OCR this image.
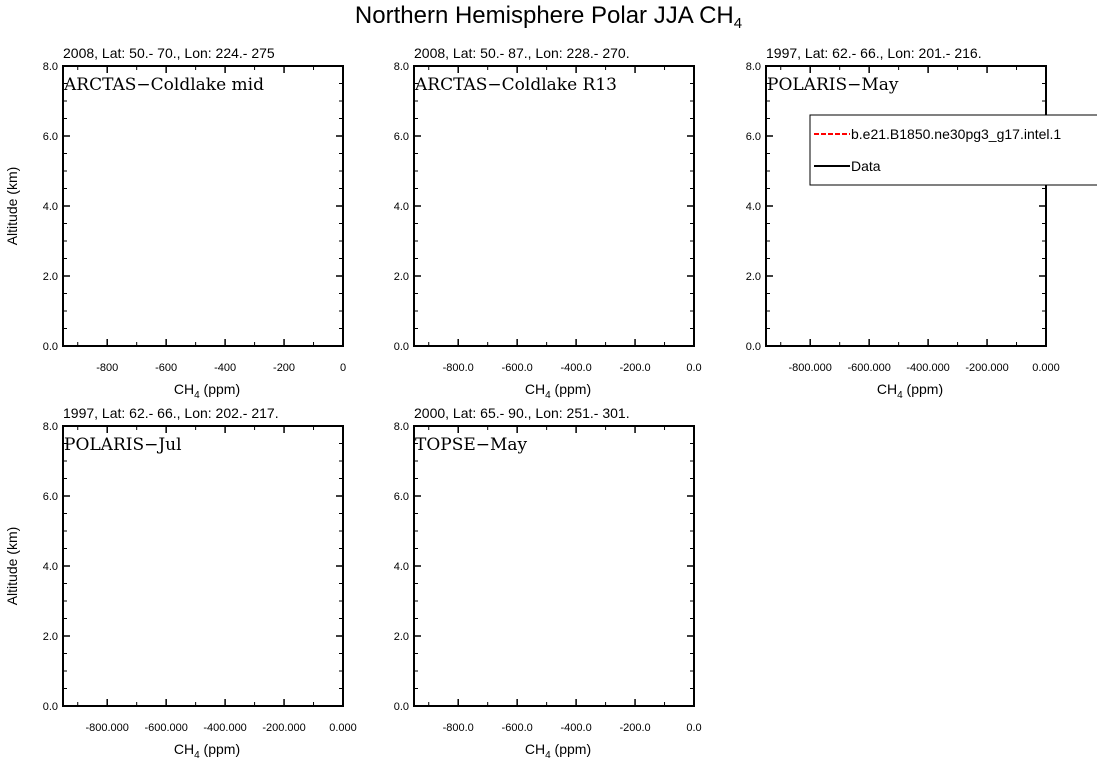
Northern Hemisphere Polar JJA $CH_4$
2008, Lat: 50.- 70., Lon: 224.- 275
ARCTAS−Coldlake mid
0.0
2.0
4.0
6.0
8.0
-800	-600	-400	-200	0
$CH_4$ (ppm)
Altitude (km)
2008, Lat: 50.- 87., Lon: 228.- 270.
ARCTAS−Coldlake R13
0.0
2.0
4.0
6.0
8.0
-800.0	-600.0	-400.0	-200.0	0.0
$CH_4$ (ppm)
1997, Lat: 62.- 66., Lon: 201.- 216.
POLARIS−May
0.0
2.0
4.0
6.0
8.0
-800.000 -600.000 -400.000 -200.000 0.000
$CH_4$ (ppm)
b.e21.B1850.ne30pg3_g17.intel.1
Data
1997, Lat: 62.- 66., Lon: 202.- 217.
POLARIS−Jul
0.0
2.0
4.0
6.0
8.0
-800.000 -600.000 -400.000 -200.000 0.000
$CH_4$ (ppm)
Altitude (km)
2000, Lat: 65.- 90., Lon: 251.- 301.
TOPSE−May
0.0
2.0
4.0
6.0
8.0
-800.0	-600.0	-400.0	-200.0	0.0
$CH_4$ (ppm)
